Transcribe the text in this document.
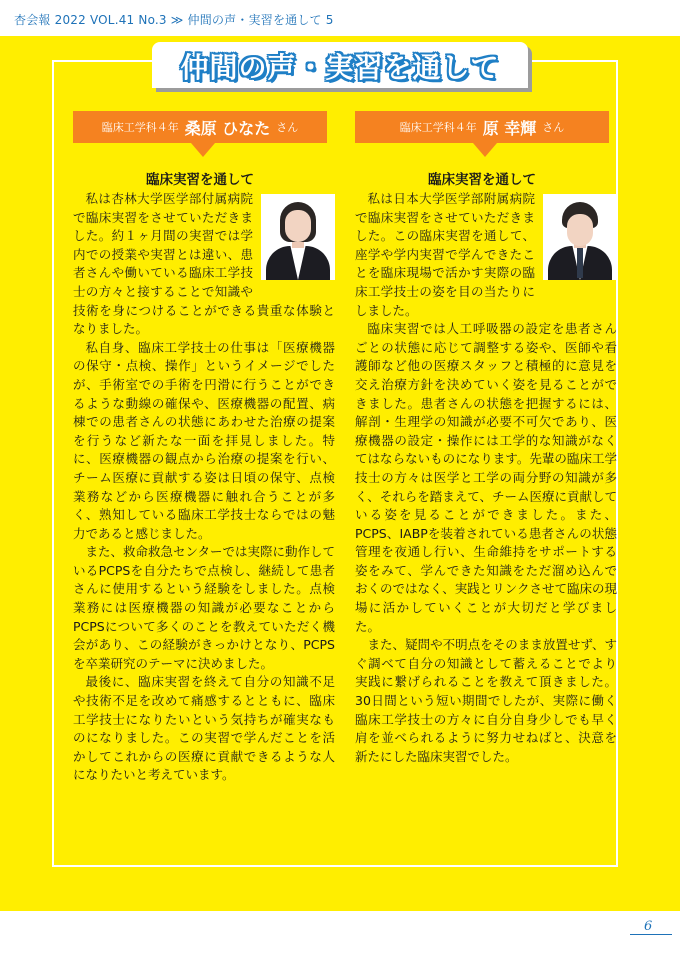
杏会報 2022 VOL.41 No.3 ≫ 仲間の声・実習を通して 5
仲間の声・実習を通して
臨床工学科４年 桑原 ひなた さん
臨床実習を通して

私は杏林大学医学部付属病院で臨床実習をさせていただきました。約１ヶ月間の実習では学内での授業や実習とは違い、患者さんや働いている臨床工学技士の方々と接することで知識や技術を身につけることができる貴重な体験となりました。

私自身、臨床工学技士の仕事は「医療機器の保守・点検、操作」というイメージでしたが、手術室での手術を円滑に行うことができるような動線の確保や、医療機器の配置、病棟での患者さんの状態にあわせた治療の提案を行うなど新たな一面を拝見しました。特に、医療機器の観点から治療の提案を行い、チーム医療に貢献する姿は日頃の保守、点検業務などから医療機器に触れ合うことが多く、熟知している臨床工学技士ならではの魅力であると感じました。

また、救命救急センターでは実際に動作しているPCPSを自分たちで点検し、継続して患者さんに使用するという経験をしました。点検業務には医療機器の知識が必要なことからPCPSについて多くのことを教えていただく機会があり、この経験がきっかけとなり、PCPSを卒業研究のテーマに決めました。

最後に、臨床実習を終えて自分の知識不足や技術不足を改めて痛感するとともに、臨床工学技士になりたいという気持ちが確実なものになりました。この実習で学んだことを活かしてこれからの医療に貢献できるような人になりたいと考えています。

臨床工学科４年 原 幸輝 さん
臨床実習を通して

私は日本大学医学部附属病院で臨床実習をさせていただきました。この臨床実習を通して、座学や学内実習で学んできたことを臨床現場で活かす実際の臨床工学技士の姿を目の当たりにしました。

臨床実習では人工呼吸器の設定を患者さんごとの状態に応じて調整する姿や、医師や看護師など他の医療スタッフと積極的に意見を交え治療方針を決めていく姿を見ることができました。患者さんの状態を把握するには、解剖・生理学の知識が必要不可欠であり、医療機器の設定・操作には工学的な知識がなくてはならないものになります。先輩の臨床工学技士の方々は医学と工学の両分野の知識が多く、それらを踏まえて、チーム医療に貢献している姿を見ることができました。また、PCPS、IABPを装着されている患者さんの状態管理を夜通し行い、生命維持をサポートする姿をみて、学んできた知識をただ溜め込んでおくのではなく、実践とリンクさせて臨床の現場に活かしていくことが大切だと学びました。

また、疑問や不明点をそのまま放置せず、すぐ調べて自分の知識として蓄えることでより実践に繋げられることを教えて頂きました。30日間という短い期間でしたが、実際に働く臨床工学技士の方々に自分自身少しでも早く肩を並べられるように努力せねばと、決意を新たにした臨床実習でした。

6
